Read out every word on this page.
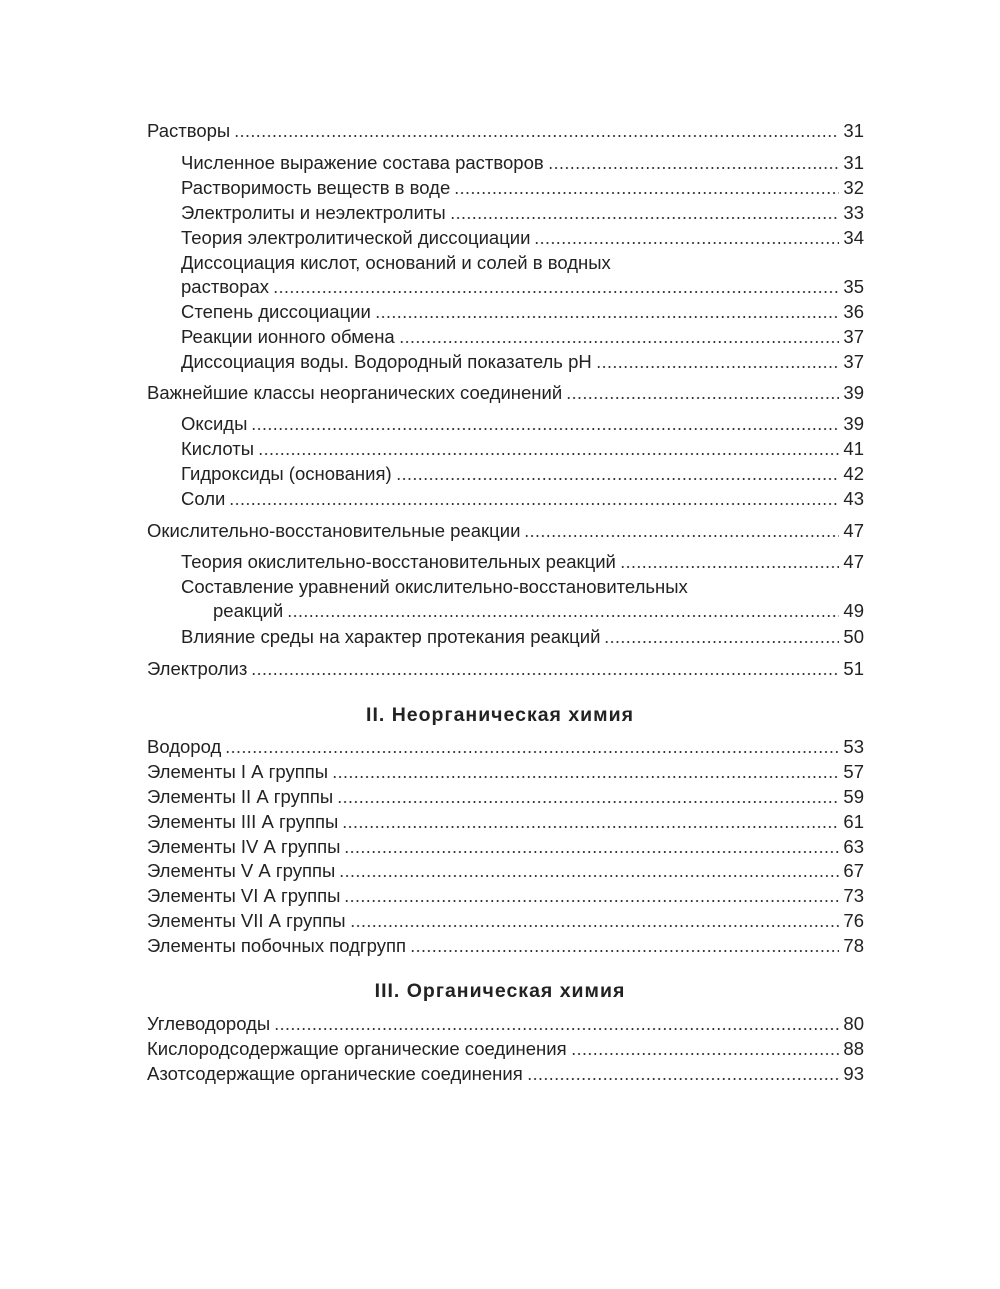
Растворы	31
Численное выражение состава растворов	31
Растворимость веществ в воде	32
Электролиты и неэлектролиты	33
Теория электролитической диссоциации	34
Диссоциация кислот, оснований и солей в водных
растворах	35
Степень диссоциации	36
Реакции ионного обмена	37
Диссоциация воды. Водородный показатель pH	37
Важнейшие классы неорганических соединений	39
Оксиды	39
Кислоты	41
Гидроксиды (основания)	42
Соли	43
Окислительно-восстановительные реакции	47
Теория окислительно-восстановительных реакций	47
Составление уравнений окислительно-восстановительных
реакций	49
Влияние среды на характер протекания реакций	50
Электролиз	51
II. Неорганическая химия
Водород	53
Элементы I А группы	57
Элементы II А группы	59
Элементы III А группы	61
Элементы IV А группы	63
Элементы V А группы	67
Элементы VI А группы	73
Элементы VII А группы	76
Элементы побочных подгрупп	78
III. Органическая химия
Углеводороды	80
Кислородсодержащие органические соединения	88
Азотсодержащие органические соединения	93
